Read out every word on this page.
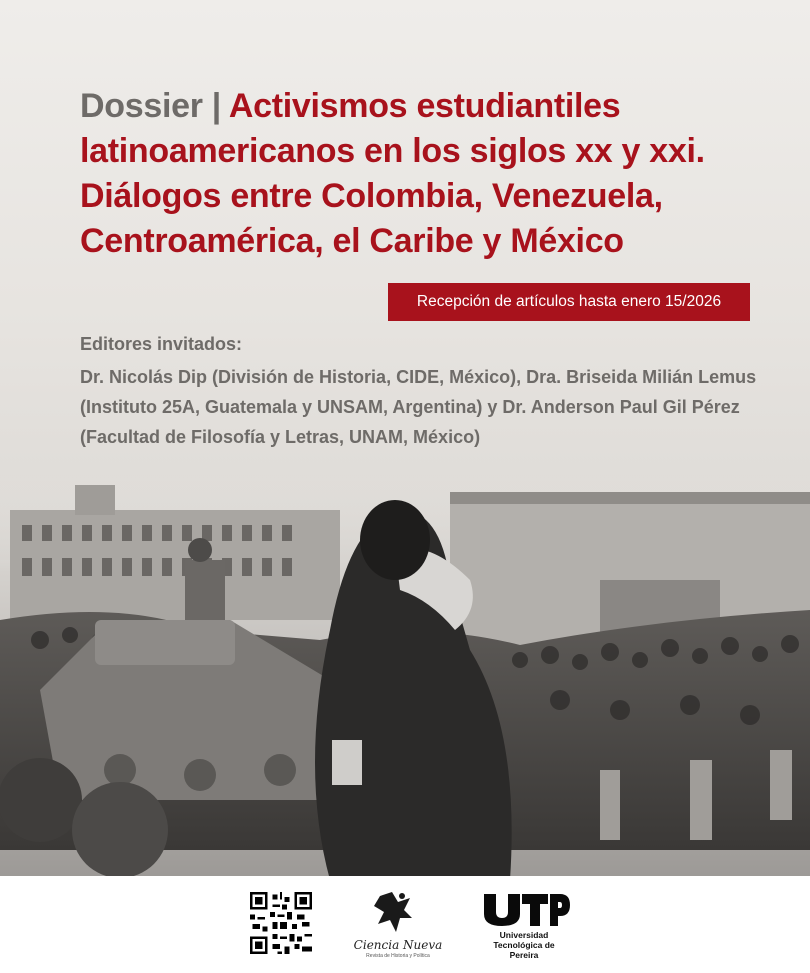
Dossier | Activismos estudiantiles latinoamericanos en los siglos xx y xxi. Diálogos entre Colombia, Venezuela, Centroamérica, el Caribe y México
Recepción de artículos hasta enero 15/2026
Editores invitados:

Dr. Nicolás Dip (División de Historia, CIDE, México), Dra. Briseida Milián Lemus (Instituto 25A, Guatemala y UNSAM, Argentina) y Dr. Anderson Paul Gil Pérez (Facultad de Filosofía y Letras, UNAM, México)

Ciencia Nueva
Revista de Historia y Política
Universidad Tecnológica de Pereira
